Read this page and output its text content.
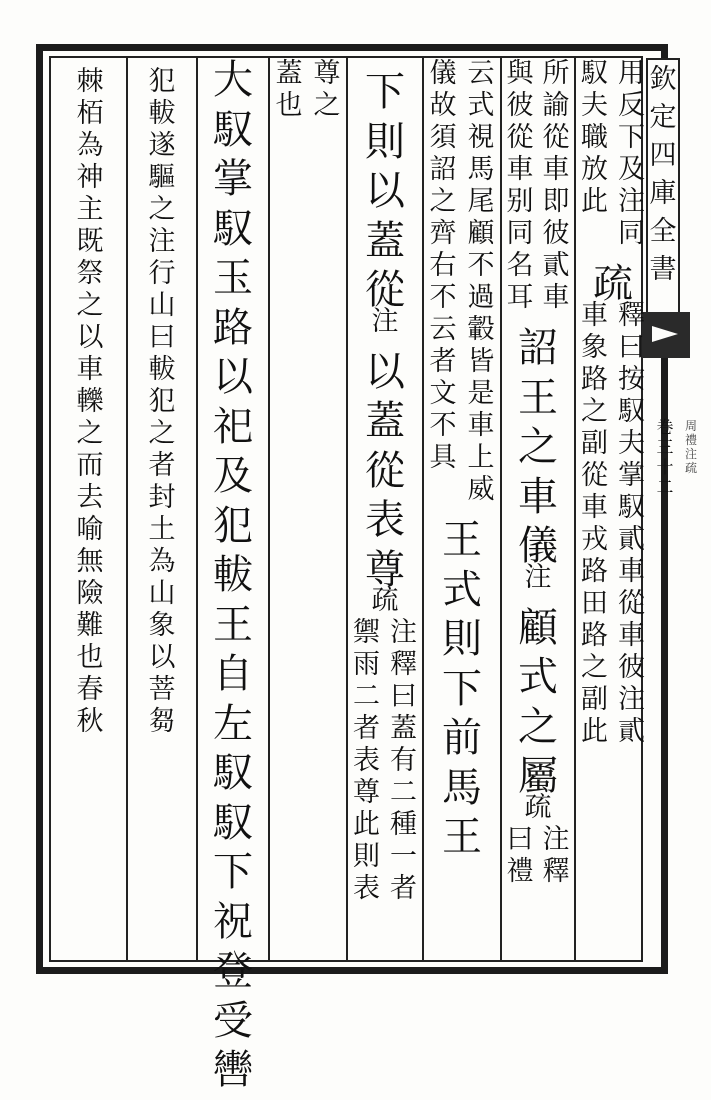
欽
定
四
庫
全
書
卷
三
十
二
周
禮
注
疏
用
反
下
及
注
同
馭
夫
職
放
此
疏
釋
曰
按
馭
夫
掌
馭
貳
車
從
車
彼
注
貳
車
象
路
之
副
從
車
戎
路
田
路
之
副
此
所
諭
從
車
即
彼
貳
車
與
彼
從
車
别
同
名
耳
詔
王
之
車
儀
注
顧
式
之
屬
疏
注
釋
曰
禮
云
式
視
馬
尾
顧
不
過
轂
皆
是
車
上
威
儀
故
須
詔
之
齊
右
不
云
者
文
不
具
王
式
則
下
前
馬
王
下
則
以
蓋
從
注
以
蓋
從
表
尊
疏
注
釋
曰
蓋
有
二
種
一
者
禦
雨
二
者
表
尊
此
則
表
尊
之
蓋
也
大
馭
掌
馭
玉
路
以
祀
及
犯
軷
王
自
左
馭
馭
下
祝
登
受
轡
犯
軷
遂
驅
之
注
行
山
曰
軷
犯
之
者
封
土
為
山
象
以
菩
芻
棘
栢
為
神
主
既
祭
之
以
車
轢
之
而
去
喻
無
險
難
也
春
秋
